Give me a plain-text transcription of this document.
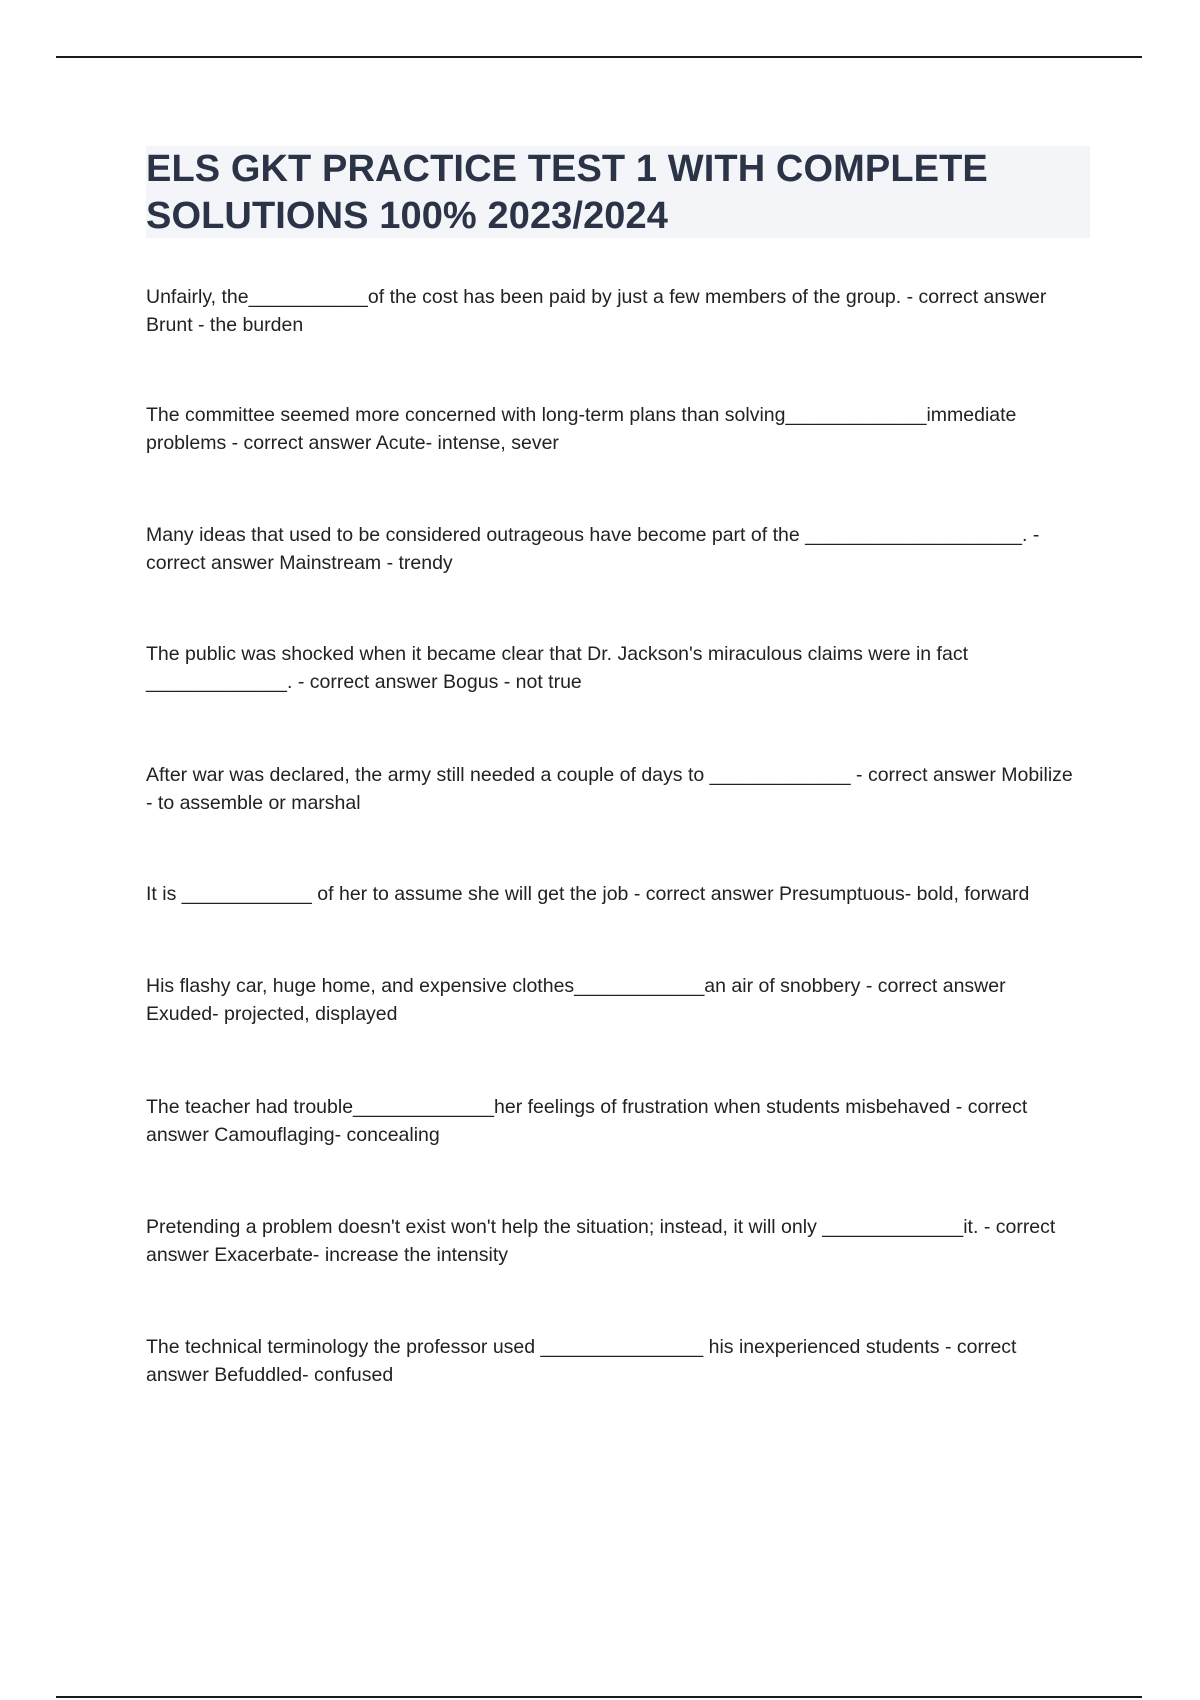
ELS GKT PRACTICE TEST 1 WITH COMPLETE SOLUTIONS 100% 2023/2024
Unfairly, the___________of the cost has been paid by just a few members of the group. - correct answer Brunt - the burden
The committee seemed more concerned with long-term plans than solving_____________immediate problems - correct answer Acute- intense, sever
Many ideas that used to be considered outrageous have become part of the ____________________. - correct answer Mainstream - trendy
The public was shocked when it became clear that Dr. Jackson's miraculous claims were in fact _____________. - correct answer Bogus - not true
After war was declared, the army still needed a couple of days to _____________ - correct answer Mobilize - to assemble or marshal
It is ____________ of her to assume she will get the job - correct answer Presumptuous- bold, forward
His flashy car, huge home, and expensive clothes____________an air of snobbery - correct answer Exuded- projected, displayed
The teacher had trouble_____________her feelings of frustration when students misbehaved - correct answer Camouflaging- concealing
Pretending a problem doesn't exist won't help the situation; instead, it will only _____________it. - correct answer Exacerbate- increase the intensity
The technical terminology the professor used _______________ his inexperienced students - correct answer Befuddled- confused
